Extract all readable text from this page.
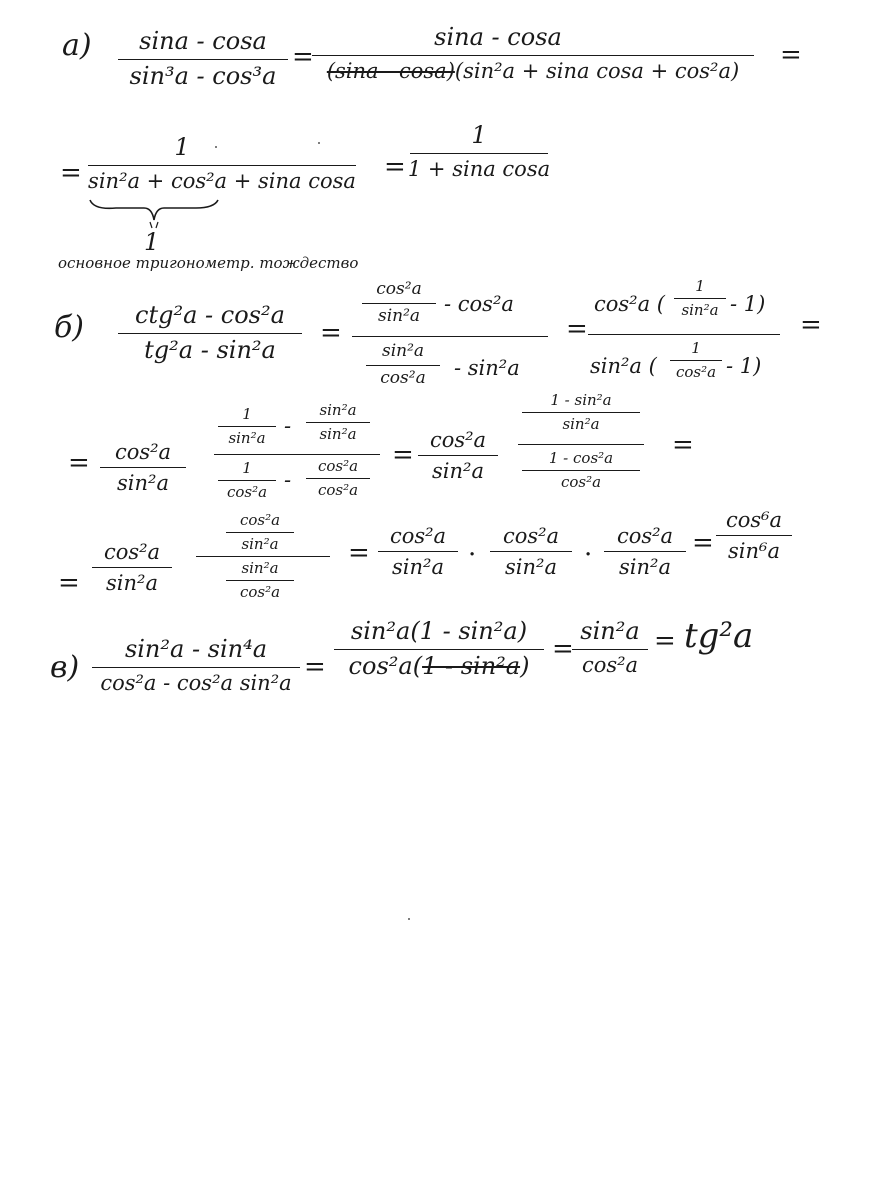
a) sina - cosa
sin³a - cos³a
=
sina - cosa
(sina - cosa)(sin²a + sina cosa + cos²a)
=
=
1
sin²a + cos²a + sina cosa =
1
1 + sina cosa
1
основное тригонометр. тождество
б) ctg²a - cos²a
tg²a - sin²a
=
cos²a
sin²a - cos²a
sin²a
cos²a - sin²a
=
cos²a (
1
sin²a - 1)
sin²a (
1
cos²a - 1)
=
= cos²a
sin²a
1
sin²a
-
sin²a
sin²a
1
cos²a
-
cos²a
cos²a
= cos²a
sin²a
1 - sin²a
sin²a
1 - cos²a
cos²a
=
=
cos²a
sin²a
cos²a
sin²a
sin²a
cos²a
=
cos²a
sin²a ·
cos²a
sin²a ·
cos²a
sin²a
=
cos⁶a
sin⁶a
в)
sin²a - sin⁴a
cos²a - cos²a sin²a
=
sin²a(1 - sin²a)
cos²a(1 - sin²a)
=
sin²a
cos²a
= tg²a
